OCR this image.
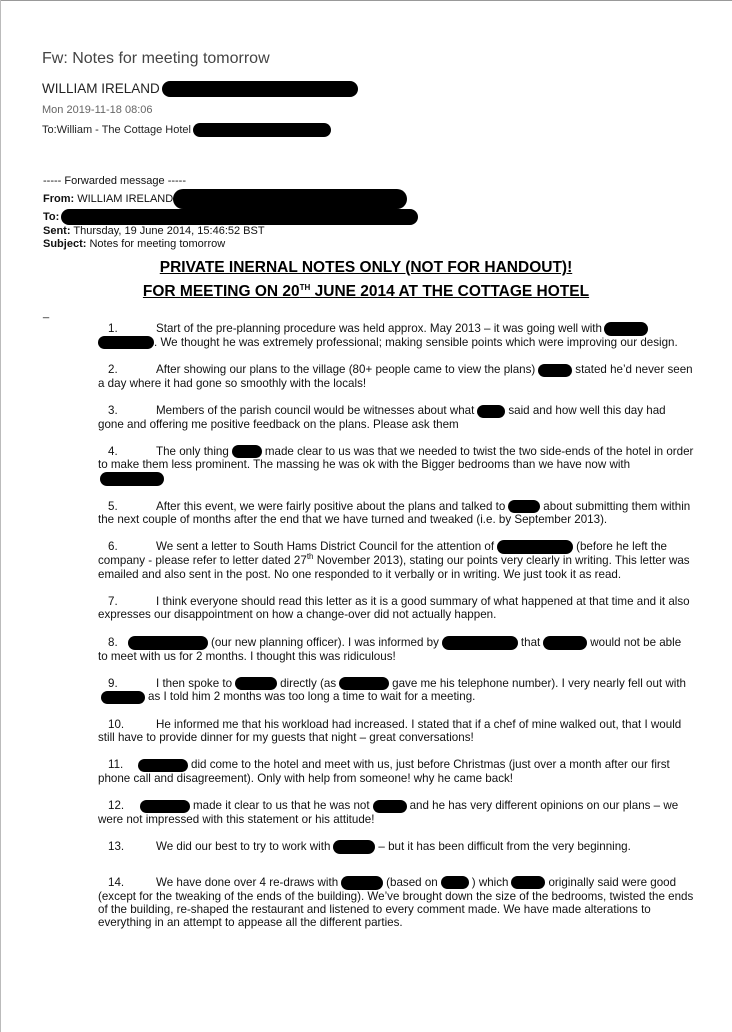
Fw: Notes for meeting tomorrow
WILLIAM IRELAND
Mon 2019-11-18 08:06
To:William - The Cottage Hotel
----- Forwarded message -----
From: WILLIAM IRELAND
To:
Sent: Thursday, 19 June 2014, 15:46:52 BST
Subject: Notes for meeting tomorrow
PRIVATE INERNAL NOTES ONLY (NOT FOR HANDOUT)!
FOR MEETING ON 20TH JUNE 2014 AT THE COTTAGE HOTEL
_
1.	Start of the pre-planning procedure was held approx. May 2013 – it was going well with
. We thought he was extremely professional; making sensible points which were improving our design.
2.	After showing our plans to the village (80+ people came to view the plans)	stated he’d never seen a day where it had gone so smoothly with the locals!
3.	Members of the parish council would be witnesses about what	said and how well this day had gone and offering me positive feedback on the plans. Please ask them
4.	The only thing	made clear to us was that we needed to twist the two side-ends of the hotel in order to make them less prominent. The massing he was ok with the Bigger bedrooms than we have now with
5.	After this event, we were fairly positive about the plans and talked to	about submitting them within the next couple of months after the end that we have turned and tweaked (i.e. by September 2013).
6.	We sent a letter to South Hams District Council for the attention of	(before he left the company - please refer to letter dated 27th November 2013), stating our points very clearly in writing. This letter was emailed and also sent in the post. No one responded to it verbally or in writing. We just took it as read.
7.	I think everyone should read this letter as it is a good summary of what happened at that time and it also expresses our disappointment on how a change-over did not actually happen.
8.	(our new planning officer). I was informed by	that	would not be able to meet with us for 2 months. I thought this was ridiculous!
9.	I then spoke to	directly (as	gave me his telephone number). I very nearly fell out withas I told him 2 months was too long a time to wait for a meeting.
10.	He informed me that his workload had increased. I stated that if a chef of mine walked out, that I would still have to provide dinner for my guests that night – great conversations!
11.	did come to the hotel and meet with us, just before Christmas (just over a month after our first phone call and disagreement). Only with help from someone! why he came back!
12.	made it clear to us that he was not	and he has very different opinions on our plans – we were not impressed with this statement or his attitude!
13.	We did our best to try to work with	– but it has been difficult from the very beginning.
14.	We have done over 4 re-draws with	(based on	) which	originally said were good (except for the tweaking of the ends of the building). We’ve brought down the size of the bedrooms, twisted the ends of the building, re-shaped the restaurant and listened to every comment made. We have made alterations to everything in an attempt to appease all the different parties.
